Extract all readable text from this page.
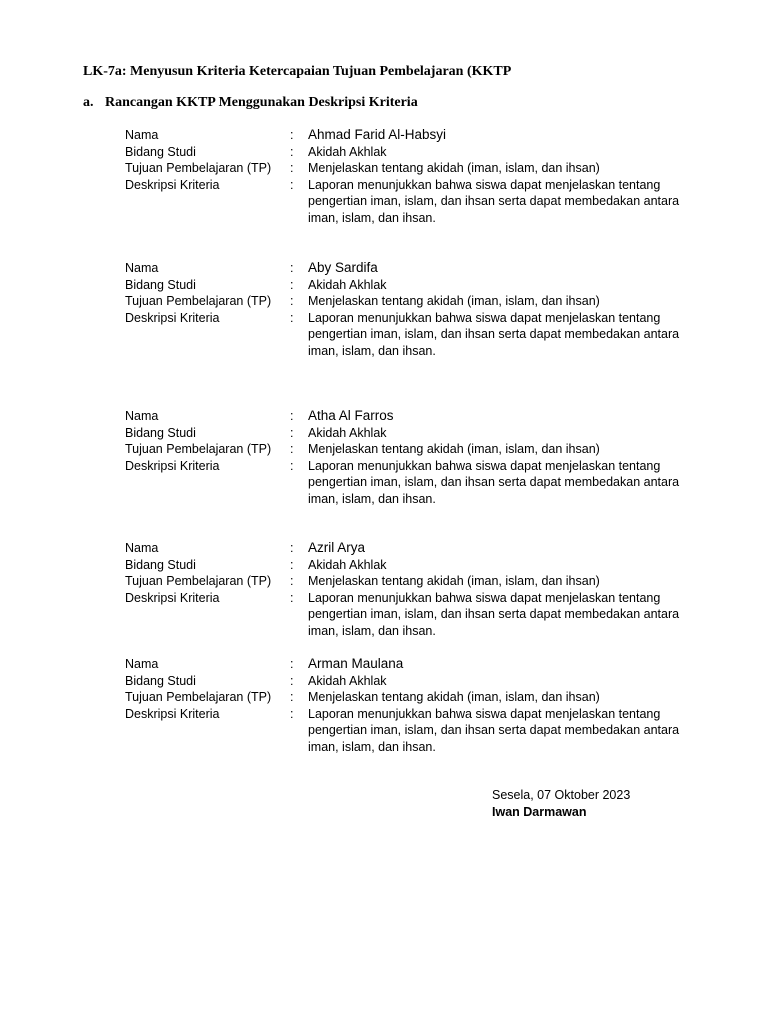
LK-7a: Menyusun Kriteria Ketercapaian Tujuan Pembelajaran (KKTP
a. Rancangan KKTP Menggunakan Deskripsi Kriteria
Nama	:	Ahmad Farid Al-Habsyi
Bidang Studi	:	Akidah Akhlak
Tujuan Pembelajaran (TP)	:	Menjelaskan tentang akidah (iman, islam, dan ihsan)
Deskripsi Kriteria	:	Laporan menunjukkan bahwa siswa dapat menjelaskan tentang pengertian iman, islam, dan ihsan serta dapat membedakan antara iman, islam, dan ihsan.
Nama	:	Aby Sardifa
Bidang Studi	:	Akidah Akhlak
Tujuan Pembelajaran (TP)	:	Menjelaskan tentang akidah (iman, islam, dan ihsan)
Deskripsi Kriteria	:	Laporan menunjukkan bahwa siswa dapat menjelaskan tentang pengertian iman, islam, dan ihsan serta dapat membedakan antara iman, islam, dan ihsan.
Nama	:	Atha Al Farros
Bidang Studi	:	Akidah Akhlak
Tujuan Pembelajaran (TP)	:	Menjelaskan tentang akidah (iman, islam, dan ihsan)
Deskripsi Kriteria	:	Laporan menunjukkan bahwa siswa dapat menjelaskan tentang pengertian iman, islam, dan ihsan serta dapat membedakan antara iman, islam, dan ihsan.
Nama	:	Azril Arya
Bidang Studi	:	Akidah Akhlak
Tujuan Pembelajaran (TP)	:	Menjelaskan tentang akidah (iman, islam, dan ihsan)
Deskripsi Kriteria	:	Laporan menunjukkan bahwa siswa dapat menjelaskan tentang pengertian iman, islam, dan ihsan serta dapat membedakan antara iman, islam, dan ihsan.
Nama	:	Arman Maulana
Bidang Studi	:	Akidah Akhlak
Tujuan Pembelajaran (TP)	:	Menjelaskan tentang akidah (iman, islam, dan ihsan)
Deskripsi Kriteria	:	Laporan menunjukkan bahwa siswa dapat menjelaskan tentang pengertian iman, islam, dan ihsan serta dapat membedakan antara iman, islam, dan ihsan.
Sesela, 07 Oktober 2023
Iwan Darmawan
